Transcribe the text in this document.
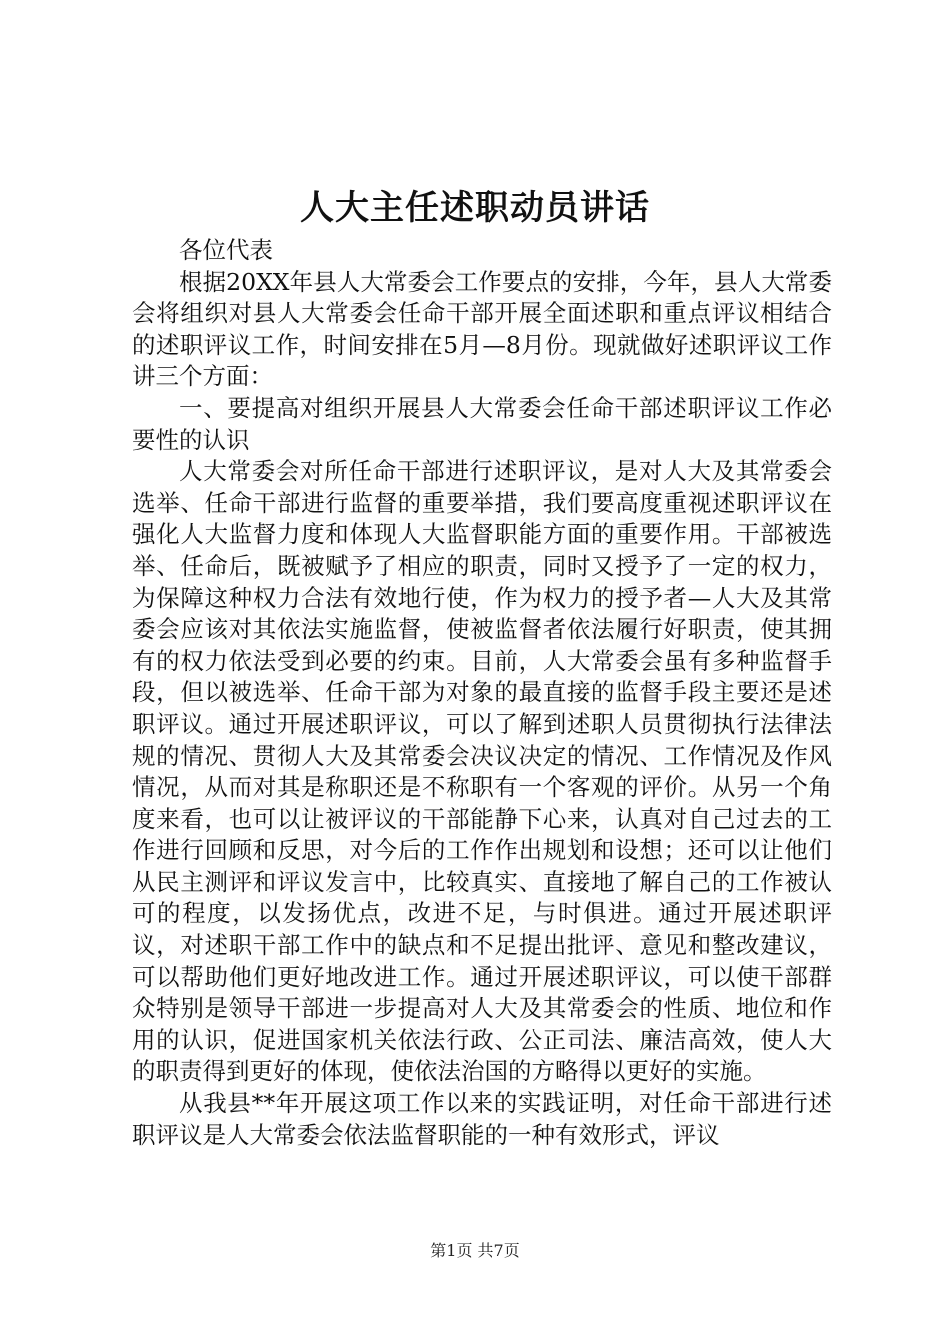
人大主任述职动员讲话

各位代表

根据20XX年县人大常委会工作要点的安排，今年，县人大常委会将组织对县人大常委会任命干部开展全面述职和重点评议相结合的述职评议工作，时间安排在5月—8月份。现就做好述职评议工作讲三个方面：

一、要提高对组织开展县人大常委会任命干部述职评议工作必要性的认识

人大常委会对所任命干部进行述职评议，是对人大及其常委会选举、任命干部进行监督的重要举措，我们要高度重视述职评议在强化人大监督力度和体现人大监督职能方面的重要作用。干部被选举、任命后，既被赋予了相应的职责，同时又授予了一定的权力，为保障这种权力合法有效地行使，作为权力的授予者—人大及其常委会应该对其依法实施监督，使被监督者依法履行好职责，使其拥有的权力依法受到必要的约束。目前，人大常委会虽有多种监督手段，但以被选举、任命干部为对象的最直接的监督手段主要还是述职评议。通过开展述职评议，可以了解到述职人员贯彻执行法律法规的情况、贯彻人大及其常委会决议决定的情况、工作情况及作风情况，从而对其是称职还是不称职有一个客观的评价。从另一个角度来看，也可以让被评议的干部能静下心来，认真对自己过去的工作进行回顾和反思，对今后的工作作出规划和设想；还可以让他们从民主测评和评议发言中，比较真实、直接地了解自己的工作被认可的程度，以发扬优点，改进不足，与时俱进。通过开展述职评议，对述职干部工作中的缺点和不足提出批评、意见和整改建议，可以帮助他们更好地改进工作。通过开展述职评议，可以使干部群众特别是领导干部进一步提高对人大及其常委会的性质、地位和作用的认识，促进国家机关依法行政、公正司法、廉洁高效，使人大的职责得到更好的体现，使依法治国的方略得以更好的实施。

从我县**年开展这项工作以来的实践证明，对任命干部进行述职评议是人大常委会依法监督职能的一种有效形式，评议

第1页 共7页
